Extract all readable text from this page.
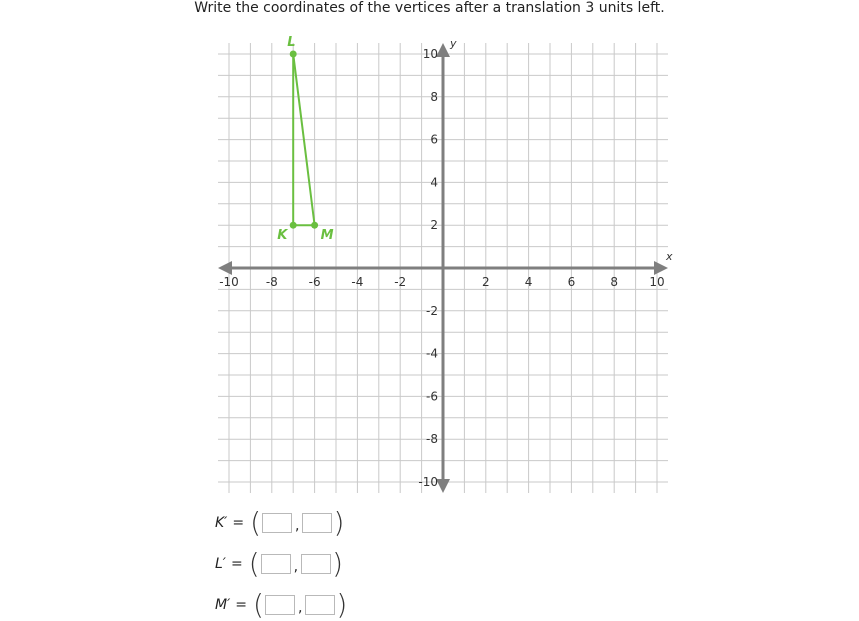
Write the coordinates of the vertices after a translation 3 units left.
x
y
-10 -8	-6	-4	-2	2	4	6	8	10
10
8
6
4
2
-2
-4
-6
-8
-10
K
L
M
K′ = ( , )
L′ = ( , )
M′ = ( , )
